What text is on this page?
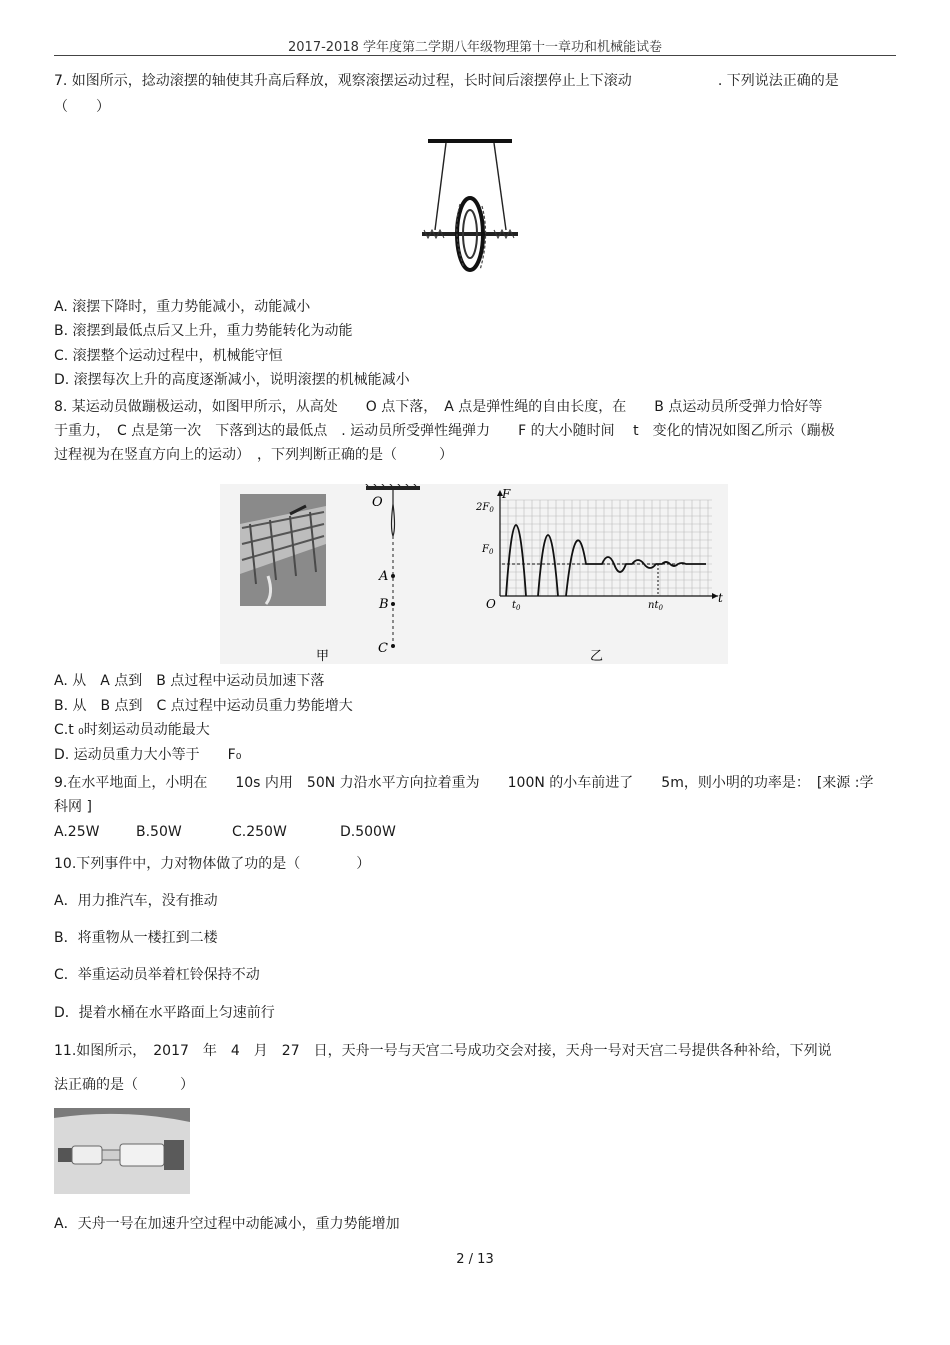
2017-2018 学年度第二学期八年级物理第十一章功和机械能试卷
7. 如图所示，捻动滚摆的轴使其升高后释放，观察滚摆运动过程，长时间后滚摆停止上下滚动	. 下列说法正确的是
（　　）
A. 滚摆下降时，重力势能减小，动能减小
B. 滚摆到最低点后又上升，重力势能转化为动能
C. 滚摆整个运动过程中，机械能守恒
D. 滚摆每次上升的高度逐渐减小，说明滚摆的机械能减小
8. 某运动员做蹦极运动，如图甲所示，从高处　　O 点下落，　A 点是弹性绳的自由长度，在　　B 点运动员所受弹力恰好等
于重力，　C 点是第一次　下落到达的最低点　. 运动员所受弹性绳弹力　　F 的大小随时间　 t　变化的情况如图乙所示（蹦极
过程视为在竖直方向上的运动）　，下列判断正确的是（　　　）
O
A
B
C
甲
F
t
$2F_0$
$F_0$
O $t_0$	$nt_0$
乙
A. 从　A 点到　B 点过程中运动员加速下落
B. 从　B 点到　C 点过程中运动员重力势能增大
C.t ₀时刻运动员动能最大
D. 运动员重力大小等于　　F₀
9.在水平地面上，小明在　　10s 内用　50N 力沿水平方向拉着重为　　100N 的小车前进了　　5m，则小明的功率是：　[来源 :学
科网 ]
A.25W	B.50W	C.250W	D.500W
10.下列事件中，力对物体做了功的是（　　　　）
A．用力推汽车，没有推动
B．将重物从一楼扛到二楼
C．举重运动员举着杠铃保持不动
D．提着水桶在水平路面上匀速前行
11.如图所示，　2017　年　4　月　27　日，天舟一号与天宫二号成功交会对接，天舟一号对天宫二号提供各种补给，下列说
法正确的是（　　　）
A．天舟一号在加速升空过程中动能减小，重力势能增加
2 / 13
